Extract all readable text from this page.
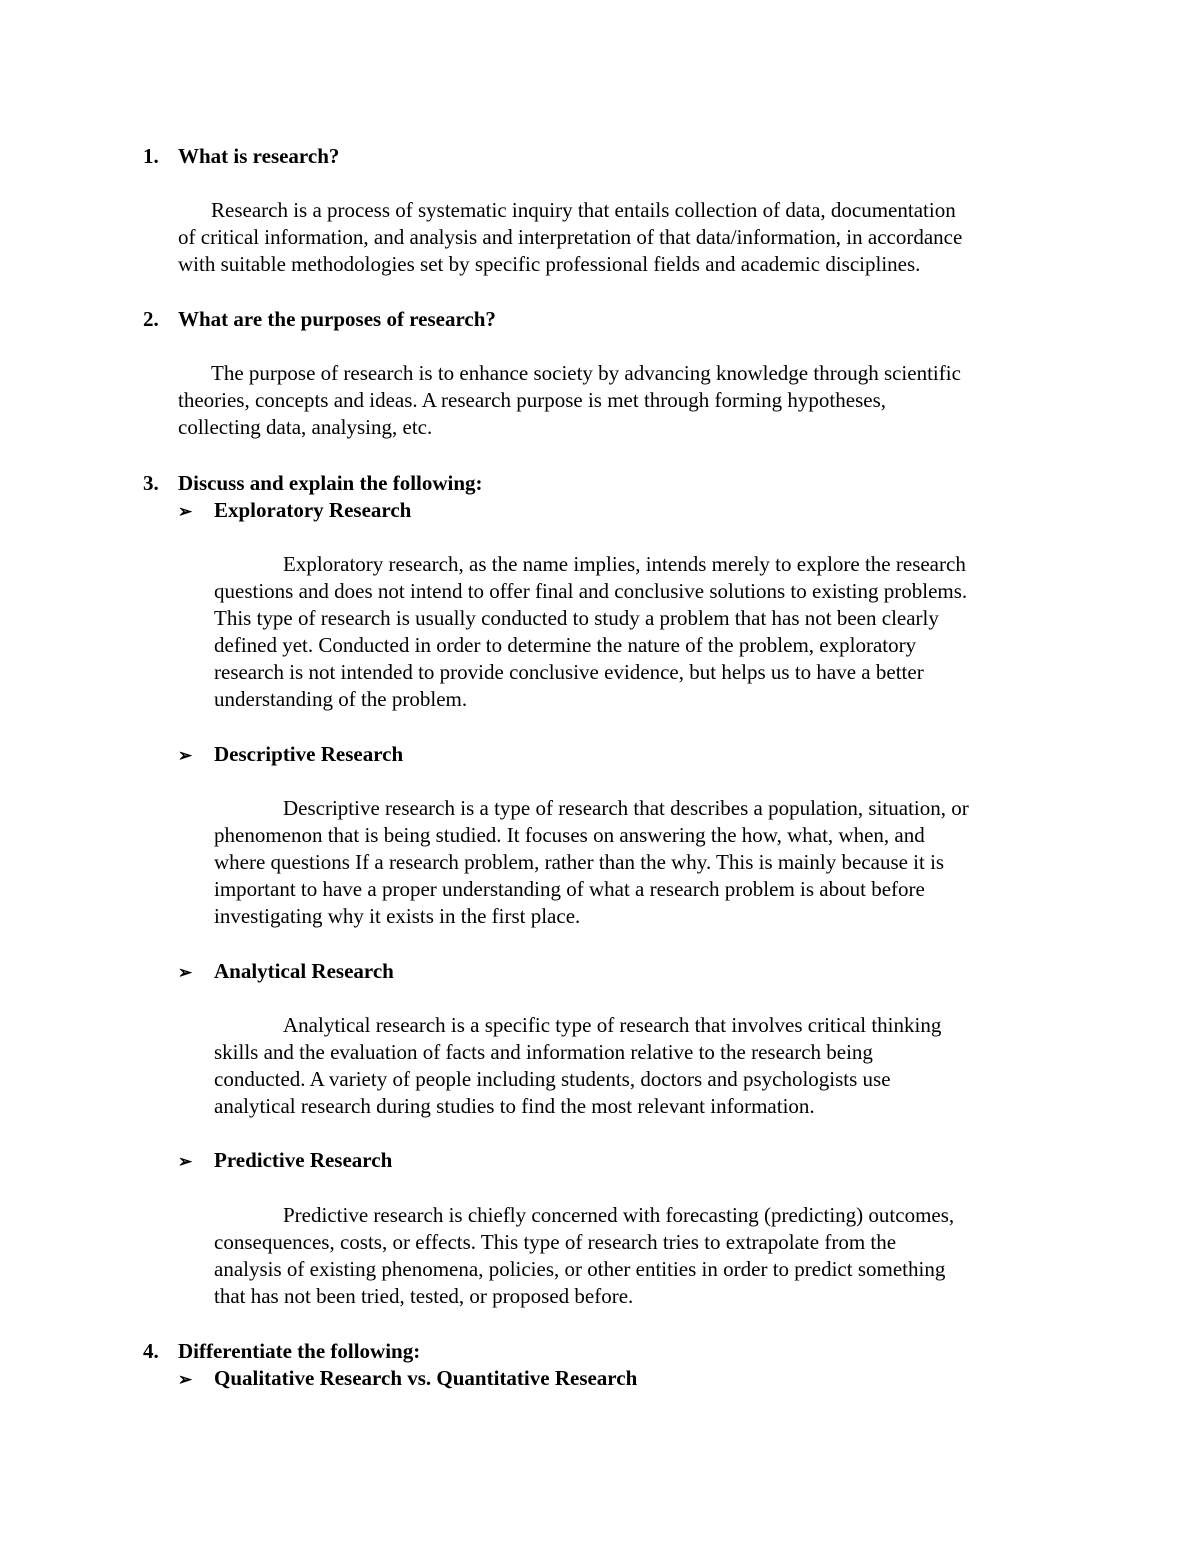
1. What is research?
Research is a process of systematic inquiry that entails collection of data, documentation
of critical information, and analysis and interpretation of that data/information, in accordance
with suitable methodologies set by specific professional fields and academic disciplines.
2. What are the purposes of research?
The purpose of research is to enhance society by advancing knowledge through scientific
theories, concepts and ideas. A research purpose is met through forming hypotheses,
collecting data, analysing, etc.
3. Discuss and explain the following:
➢ Exploratory Research
Exploratory research, as the name implies, intends merely to explore the research
questions and does not intend to offer final and conclusive solutions to existing problems.
This type of research is usually conducted to study a problem that has not been clearly
defined yet. Conducted in order to determine the nature of the problem, exploratory
research is not intended to provide conclusive evidence, but helps us to have a better
understanding of the problem.
➢ Descriptive Research
Descriptive research is a type of research that describes a population, situation, or
phenomenon that is being studied. It focuses on answering the how, what, when, and
where questions If a research problem, rather than the why. This is mainly because it is
important to have a proper understanding of what a research problem is about before
investigating why it exists in the first place.
➢ Analytical Research
Analytical research is a specific type of research that involves critical thinking
skills and the evaluation of facts and information relative to the research being
conducted. A variety of people including students, doctors and psychologists use
analytical research during studies to find the most relevant information.
➢ Predictive Research
Predictive research is chiefly concerned with forecasting (predicting) outcomes,
consequences, costs, or effects. This type of research tries to extrapolate from the
analysis of existing phenomena, policies, or other entities in order to predict something
that has not been tried, tested, or proposed before.
4. Differentiate the following:
➢ Qualitative Research vs. Quantitative Research
